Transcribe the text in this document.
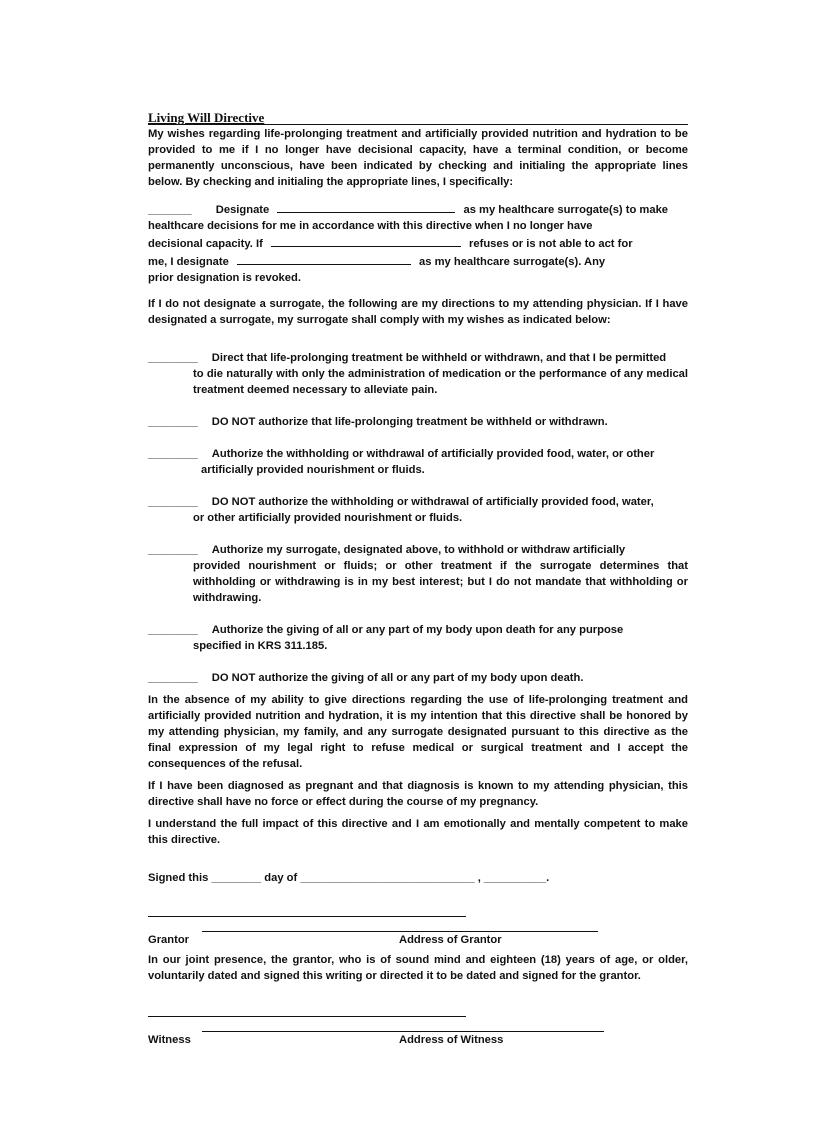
Living Will Directive

My wishes regarding life-prolonging treatment and artificially provided nutrition and hydration to be provided to me if I no longer have decisional capacity, have a terminal condition, or become permanently unconscious, have been indicated by checking and initialing the appropriate lines below. By checking and initialing the appropriate lines, I specifically:

_______ Designate	as my healthcare surrogate(s) to make

healthcare decisions for me in accordance with this directive when I no longer have

decisional capacity. If	refuses or is not able to act for

me, I designate	as my healthcare surrogate(s). Any

prior designation is revoked.

If I do not designate a surrogate, the following are my directions to my attending physician. If I have designated a surrogate, my surrogate shall comply with my wishes as indicated below:

________ Direct that life-prolonging treatment be withheld or withdrawn, and that I be permitted

to die naturally with only the administration of medication or the performance of any medical treatment deemed necessary to alleviate pain.

________ DO NOT authorize that life-prolonging treatment be withheld or withdrawn.

________ Authorize the withholding or withdrawal of artificially provided food, water, or other

artificially provided nourishment or fluids.

________ DO NOT authorize the withholding or withdrawal of artificially provided food, water,

or other artificially provided nourishment or fluids.

________ Authorize my surrogate, designated above, to withhold or withdraw artificially

provided nourishment or fluids; or other treatment if the surrogate determines that withholding or withdrawing is in my best interest; but I do not mandate that withholding or withdrawing.

________ Authorize the giving of all or any part of my body upon death for any purpose

specified in KRS 311.185.

________ DO NOT authorize the giving of all or any part of my body upon death.

In the absence of my ability to give directions regarding the use of life-prolonging treatment and artificially provided nutrition and hydration, it is my intention that this directive shall be honored by my attending physician, my family, and any surrogate designated pursuant to this directive as the final expression of my legal right to refuse medical or surgical treatment and I accept the consequences of the refusal.

If I have been diagnosed as pregnant and that diagnosis is known to my attending physician, this directive shall have no force or effect during the course of my pregnancy.

I understand the full impact of this directive and I am emotionally and mentally competent to make this directive.

Signed this ________ day of ____________________________ , __________.

Grantor	Address of Grantor

In our joint presence, the grantor, who is of sound mind and eighteen (18) years of age, or older, voluntarily dated and signed this writing or directed it to be dated and signed for the grantor.

Witness	Address of Witness
